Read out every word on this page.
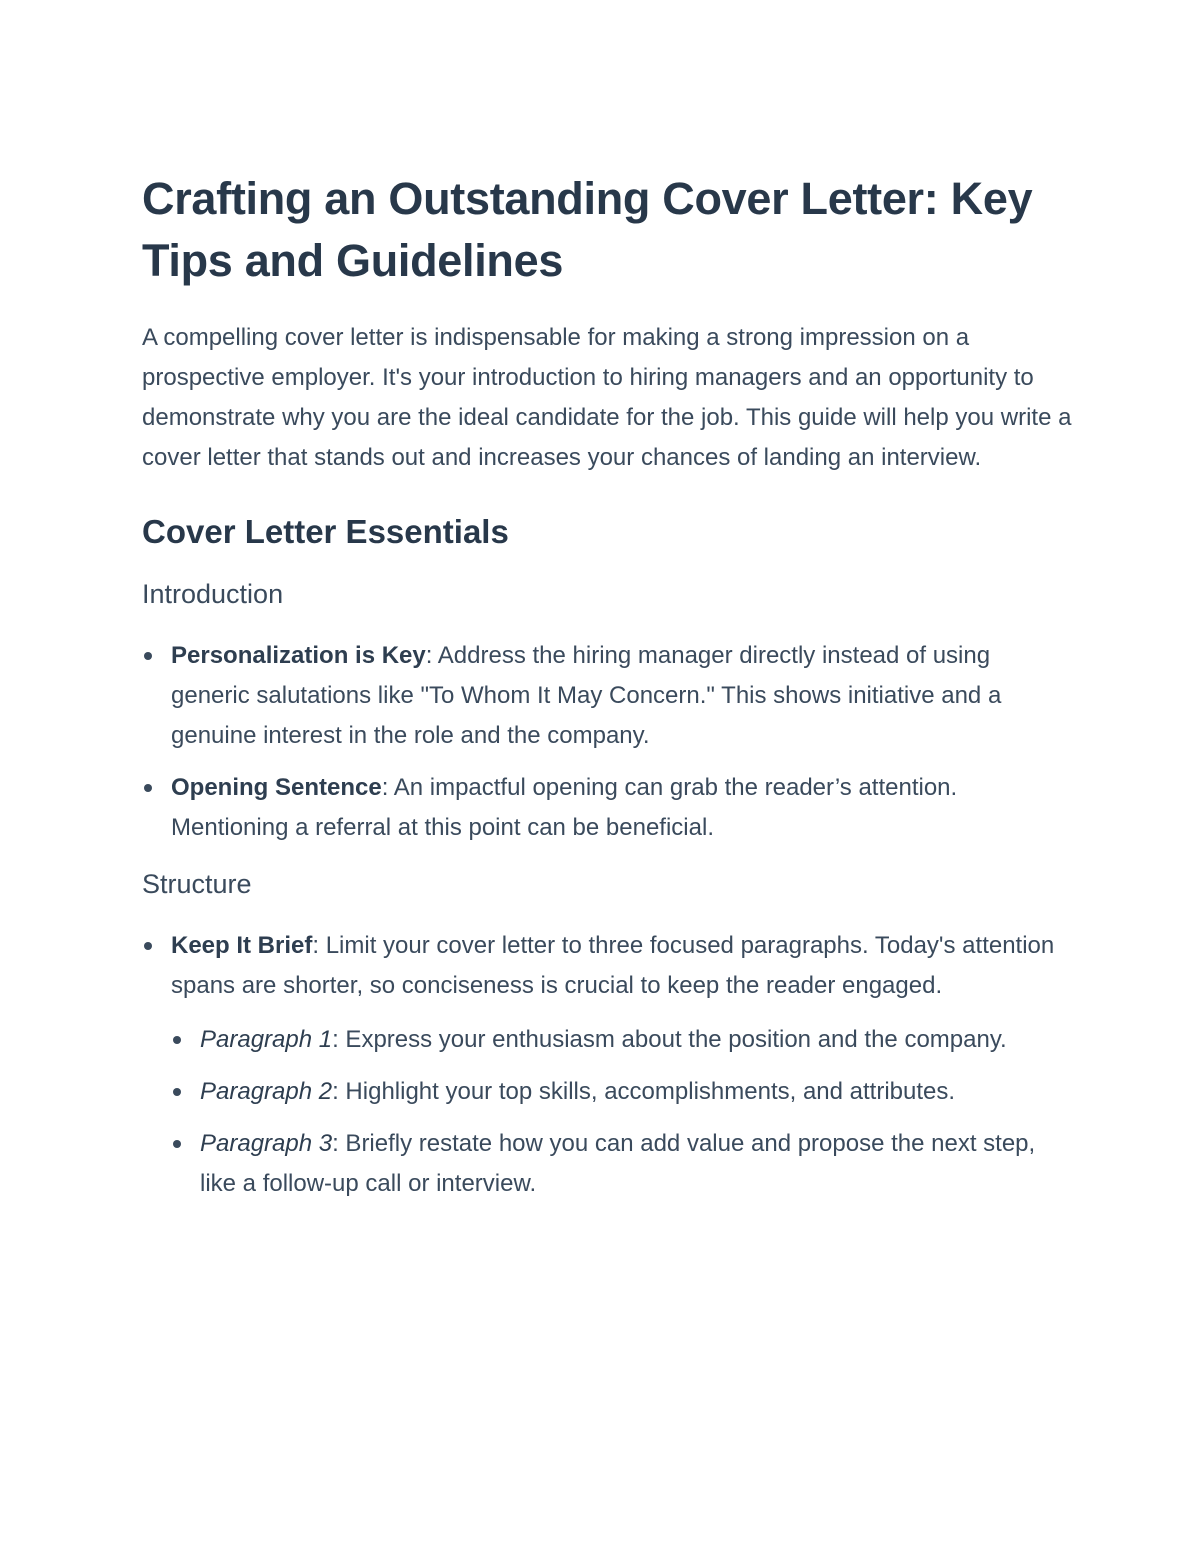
Crafting an Outstanding Cover Letter: Key Tips and Guidelines

A compelling cover letter is indispensable for making a strong impression on a prospective employer. It's your introduction to hiring managers and an opportunity to demonstrate why you are the ideal candidate for the job. This guide will help you write a cover letter that stands out and increases your chances of landing an interview.

Cover Letter Essentials
Introduction
Personalization is Key: Address the hiring manager directly instead of using generic salutations like "To Whom It May Concern." This shows initiative and a genuine interest in the role and the company.
Opening Sentence: An impactful opening can grab the reader’s attention. Mentioning a referral at this point can be beneficial.
Structure
Keep It Brief: Limit your cover letter to three focused paragraphs. Today's attention spans are shorter, so conciseness is crucial to keep the reader engaged.
Paragraph 1: Express your enthusiasm about the position and the company.
Paragraph 2: Highlight your top skills, accomplishments, and attributes.
Paragraph 3: Briefly restate how you can add value and propose the next step, like a follow-up call or interview.
